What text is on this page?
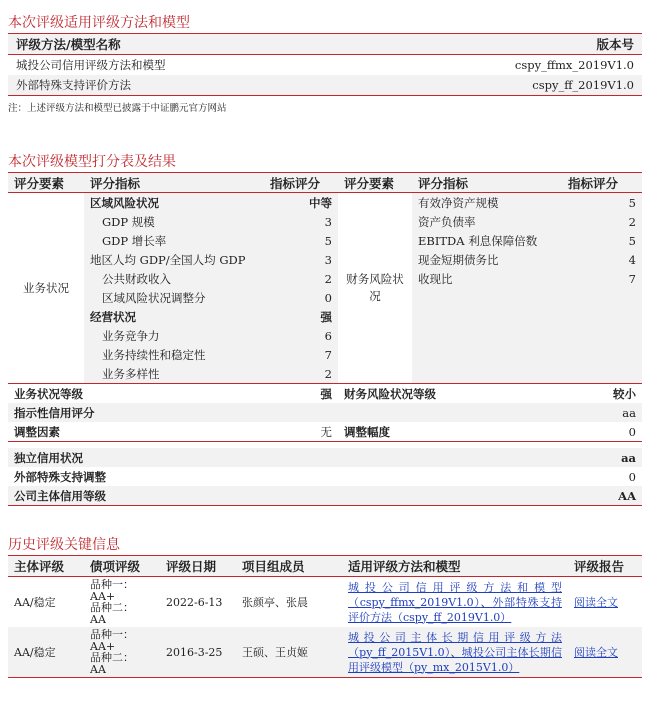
本次评级适用评级方法和模型
评级方法/模型名称	版本号
城投公司信用评级方法和模型	cspy_ffmx_2019V1.0
外部特殊支持评价方法	cspy_ff_2019V1.0
注：上述评级方法和模型已披露于中证鹏元官方网站
本次评级模型打分表及结果
评分要素	评分指标	指标评分	评分要素	评分指标	指标评分
业务状况	区域风险状况	中等	财务风险状况	有效净资产规模	5
	GDP 规模	3		资产负债率	2
	GDP 增长率	5		EBITDA 利息保障倍数	5
	地区人均 GDP/全国人均 GDP	3		现金短期债务比	4
	公共财政收入	2		收现比	7
	区域风险状况调整分	0			
	经营状况	强			
	业务竞争力	6			
	业务持续性和稳定性	7			
	业务多样性	2			
业务状况等级		强	财务风险状况等级		较小
指示性信用评分		aa			
调整因素		无	调整幅度		0

独立信用状况			aa		
外部特殊支持调整			0		
公司主体信用等级			AA		
历史评级关键信息
主体评级	债项评级	评级日期	项目组成员	适用评级方法和模型	评级报告
AA/稳定	品种一：
AA+
品种二：
AA	2022-6-13	张颜亭、张晨	城投公司信用评级方法和模型（cspy_ffmx_2019V1.0）、外部特殊支持评价方法（cspy_ff_2019V1.0）	阅读全文
AA/稳定	品种一：
AA+
品种二：
AA	2016-3-25	王硕、王贞姬	城投公司主体长期信用评级方法（py_ff_2015V1.0）、城投公司主体长期信用评级模型（py_mx_2015V1.0）	阅读全文
